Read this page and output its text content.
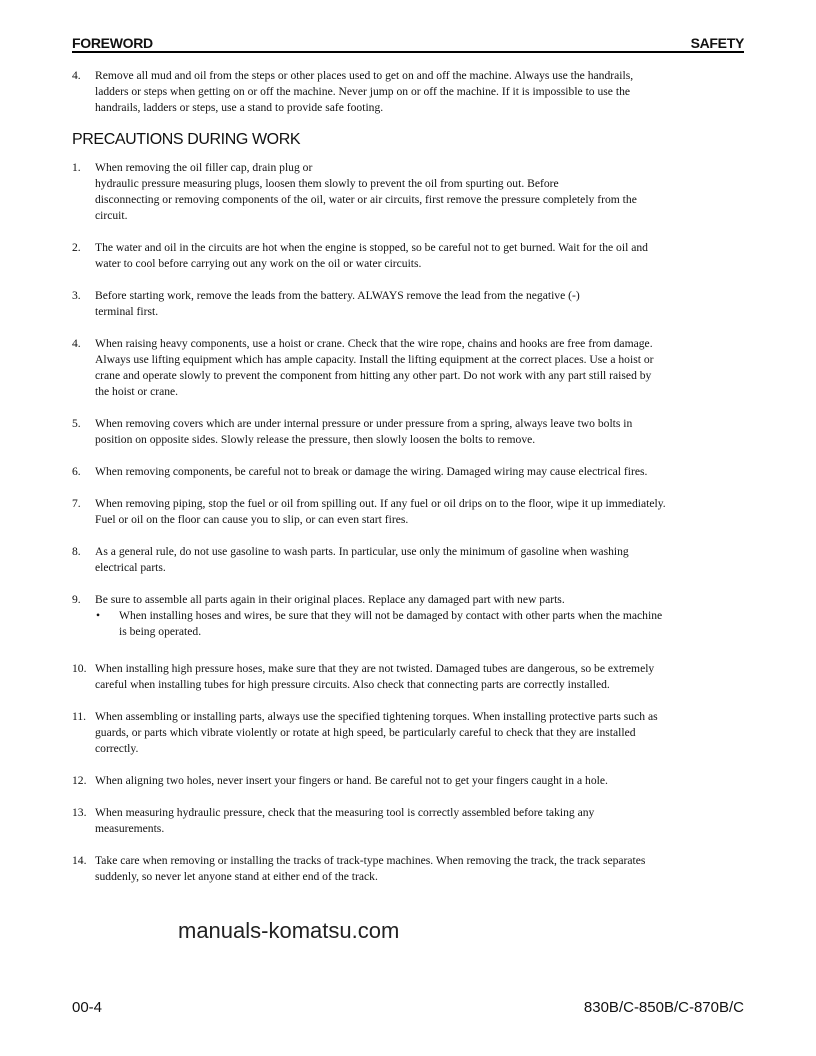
FOREWORD	SAFETY
4. Remove all mud and oil from the steps or other places used to get on and off the machine. Always use the handrails,
ladders or steps when getting on or off the machine. Never jump on or off the machine. If it is impossible to use the
handrails, ladders or steps, use a stand to provide safe footing.
PRECAUTIONS DURING WORK
1. When removing the oil filler cap, drain plug or
hydraulic pressure measuring plugs, loosen them slowly to prevent the oil from spurting out. Before
disconnecting or removing components of the oil, water or air circuits, first remove the pressure completely from the
circuit.
2. The water and oil in the circuits are hot when the engine is stopped, so be careful not to get burned. Wait for the oil and
water to cool before carrying out any work on the oil or water circuits.
3. Before starting work, remove the leads from the battery. ALWAYS remove the lead from the negative (-)
terminal first.
4. When raising heavy components, use a hoist or crane. Check that the wire rope, chains and hooks are free from damage.
Always use lifting equipment which has ample capacity. Install the lifting equipment at the correct places. Use a hoist or
crane and operate slowly to prevent the component from hitting any other part. Do not work with any part still raised by
the hoist or crane.
5. When removing covers which are under internal pressure or under pressure from a spring, always leave two bolts in
position on opposite sides. Slowly release the pressure, then slowly loosen the bolts to remove.
6. When removing components, be careful not to break or damage the wiring. Damaged wiring may cause electrical fires.
7. When removing piping, stop the fuel or oil from spilling out. If any fuel or oil drips on to the floor, wipe it up immediately.
Fuel or oil on the floor can cause you to slip, or can even start fires.
8. As a general rule, do not use gasoline to wash parts. In particular, use only the minimum of gasoline when washing
electrical parts.
9. Be sure to assemble all parts again in their original places. Replace any damaged part with new parts.
• When installing hoses and wires, be sure that they will not be damaged by contact with other parts when the machine
is being operated.
10. When installing high pressure hoses, make sure that they are not twisted. Damaged tubes are dangerous, so be extremely
careful when installing tubes for high pressure circuits. Also check that connecting parts are correctly installed.
11. When assembling or installing parts, always use the specified tightening torques. When installing protective parts such as
guards, or parts which vibrate violently or rotate at high speed, be particularly careful to check that they are installed
correctly.
12. When aligning two holes, never insert your fingers or hand. Be careful not to get your fingers caught in a hole.
13. When measuring hydraulic pressure, check that the measuring tool is correctly assembled before taking any
measurements.
14. Take care when removing or installing the tracks of track-type machines. When removing the track, the track separates
suddenly, so never let anyone stand at either end of the track.
manuals-komatsu.com
00-4	830B/C-850B/C-870B/C
